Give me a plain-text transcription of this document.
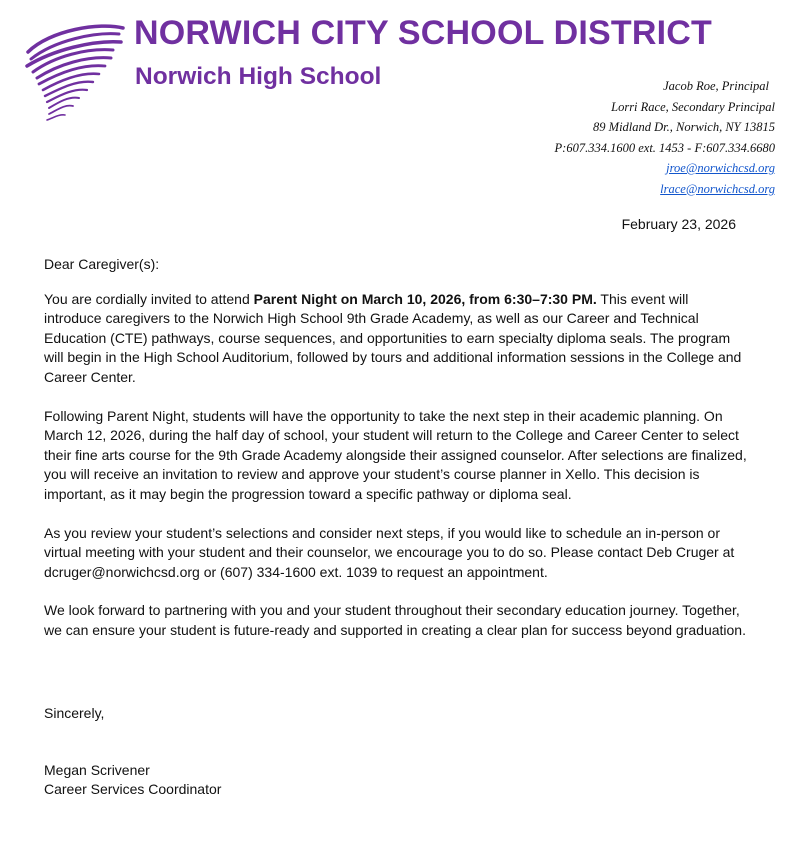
NORWICH CITY SCHOOL DISTRICT
Norwich High School	Jacob Roe, Principal
Lorri Race, Secondary Principal
89 Midland Dr., Norwich, NY 13815
P:607.334.1600 ext. 1453 - F:607.334.6680
jroe@norwichcsd.org
lrace@norwichcsd.org
February 23, 2026

Dear Caregiver(s):

You are cordially invited to attend Parent Night on March 10, 2026, from 6:30–7:30 PM. This event will introduce caregivers to the Norwich High School 9th Grade Academy, as well as our Career and Technical Education (CTE) pathways, course sequences, and opportunities to earn specialty diploma seals. The program will begin in the High School Auditorium, followed by tours and additional information sessions in the College and Career Center.

Following Parent Night, students will have the opportunity to take the next step in their academic planning. On March 12, 2026, during the half day of school, your student will return to the College and Career Center to select their fine arts course for the 9th Grade Academy alongside their assigned counselor. After selections are finalized, you will receive an invitation to review and approve your student’s course planner in Xello. This decision is important, as it may begin the progression toward a specific pathway or diploma seal.

As you review your student’s selections and consider next steps, if you would like to schedule an in-person or virtual meeting with your student and their counselor, we encourage you to do so. Please contact Deb Cruger at dcruger@norwichcsd.org or (607) 334-1600 ext. 1039 to request an appointment.

We look forward to partnering with you and your student throughout their secondary education journey. Together, we can ensure your student is future-ready and supported in creating a clear plan for success beyond graduation.

Sincerely,
Megan Scrivener
Career Services Coordinator
